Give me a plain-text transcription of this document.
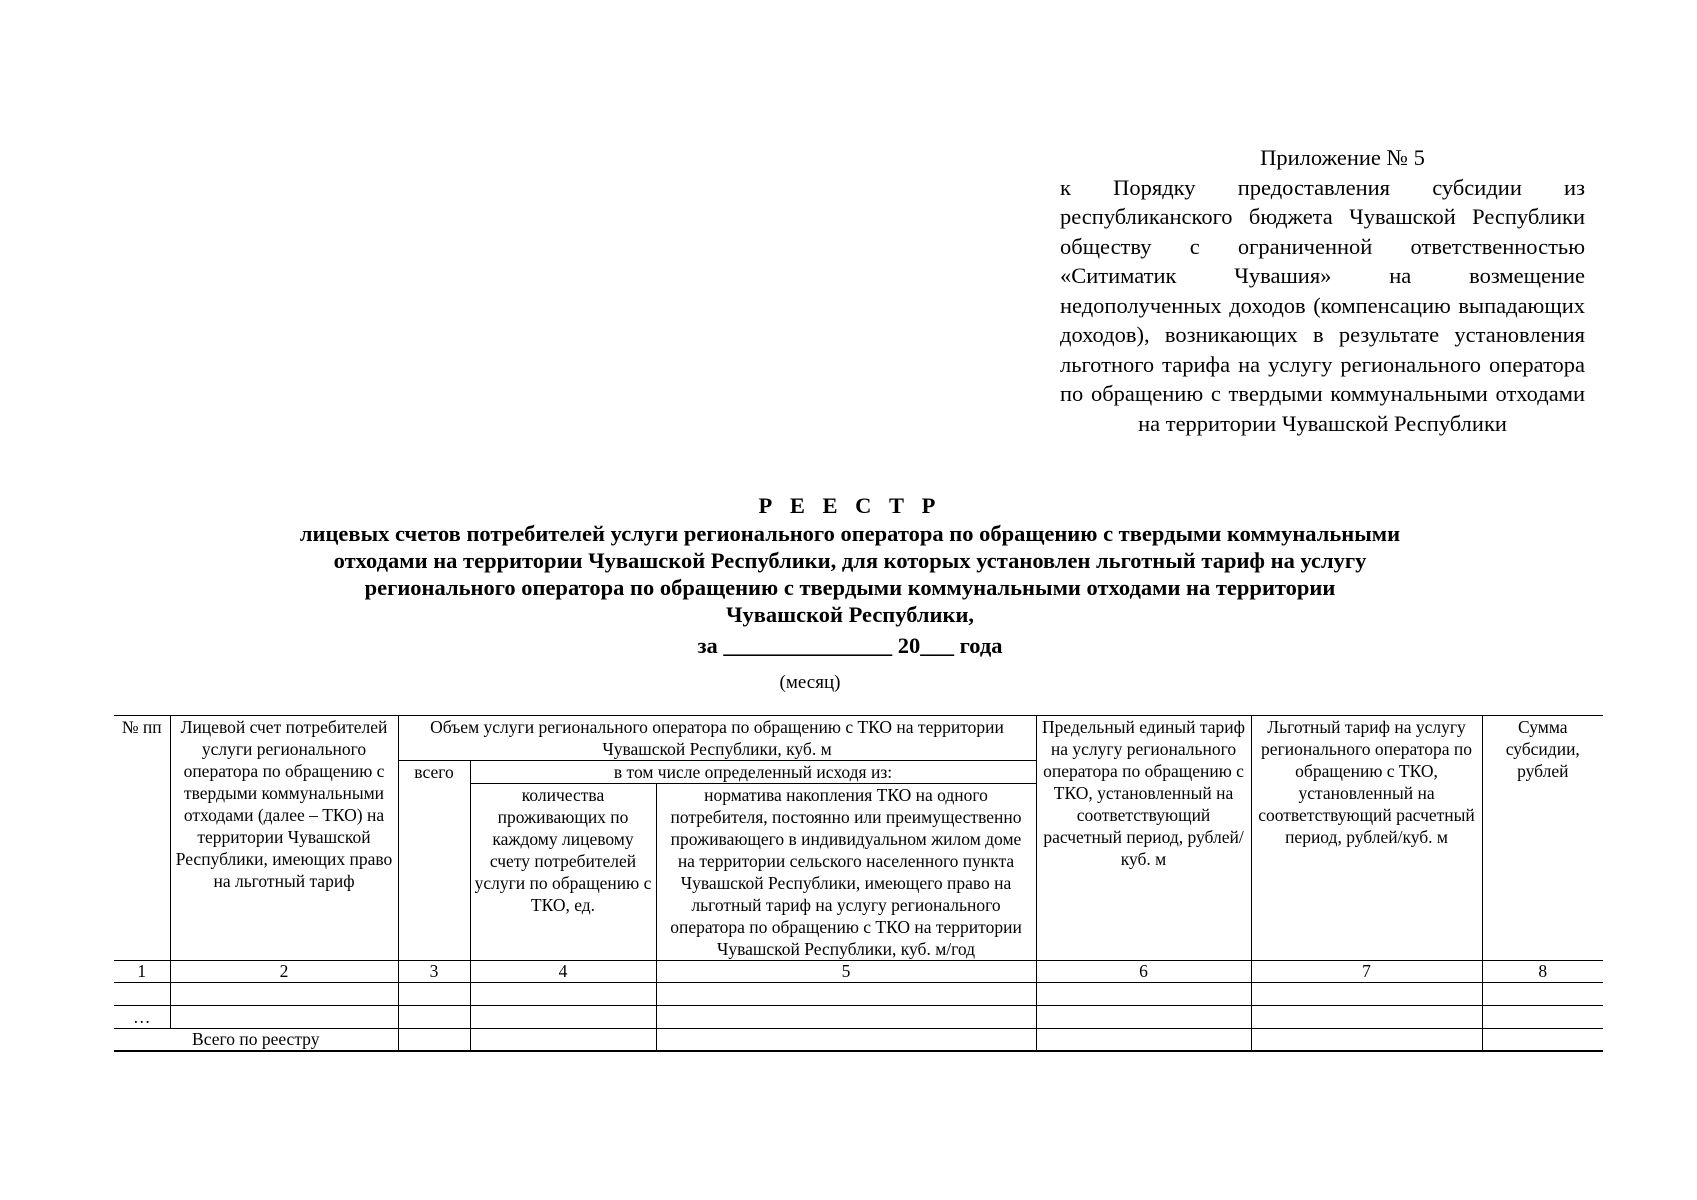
Приложение № 5
к Порядку предоставления субсидии из республиканского бюджета Чувашской Республики обществу с ограниченной ответственностью «Ситиматик Чувашия» на возмещение недополученных доходов (компенсацию выпадающих доходов), возникающих в результате установления льготного тарифа на услугу регионального оператора по обращению с твердыми коммунальными отходами на территории Чувашской Республики
Р Е Е С Т Р
лицевых счетов потребителей услуги регионального оператора по обращению с твердыми коммунальными
отходами на территории Чувашской Республики, для которых установлен льготный тариф на услугу
регионального оператора по обращению с твердыми коммунальными отходами на территории
Чувашской Республики,
за _______________ 20___ года
(месяц)
№ пп	Лицевой счет потребителей услуги регионального оператора по обращению с твердыми коммунальными отходами (далее – ТКО) на территории Чувашской Республики, имеющих право на льготный тариф	Объем услуги регионального оператора по обращению с ТКО на территории Чувашской Республики, куб. м			Предельный единый тариф на услугу регионального оператора по обращению с ТКО, установленный на соответствующий расчетный период, рублей/куб. м	Льготный тариф на услугу регионального оператора по обращению с ТКО, установленный на соответствующий расчетный период, рублей/куб. м	Сумма субсидии, рублей
		всего	в том числе определенный исходя из:				
			количества проживающих по каждому лицевому счету потребителей услуги по обращению с ТКО, ед.	норматива накопления ТКО на одного потребителя, постоянно или преимущественно проживающего в индивидуальном жилом доме на территории сельского населенного пункта Чувашской Республики, имеющего право на льготный тариф на услугу регионального оператора по обращению с ТКО на территории Чувашской Республики, куб. м/год			
1	2	3	4	5	6	7	8

…							
Всего по реестру							
